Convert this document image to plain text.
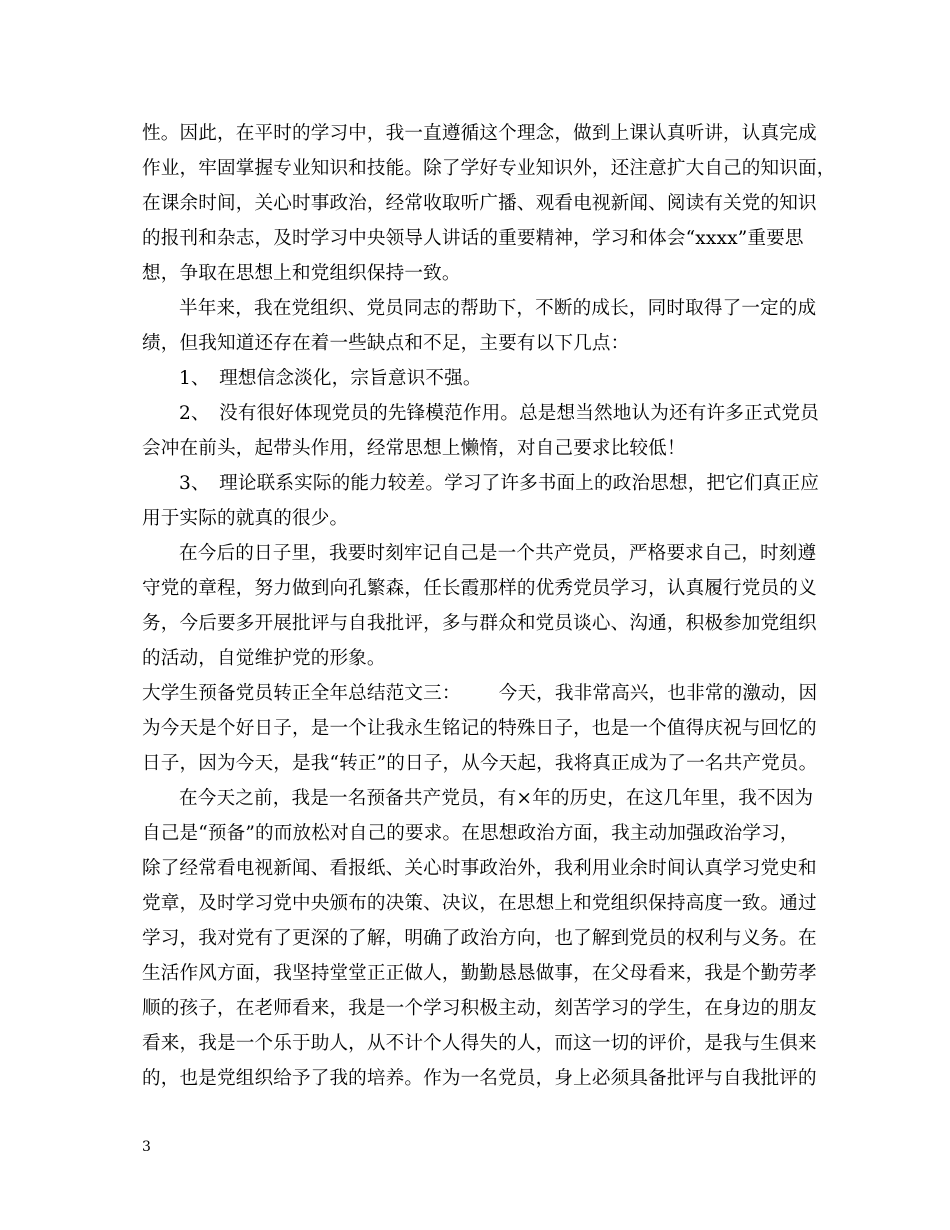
性。因此，在平时的学习中，我一直遵循这个理念，做到上课认真听讲，认真完成
作业，牢固掌握专业知识和技能。除了学好专业知识外，还注意扩大自己的知识面，
在课余时间，关心时事政治，经常收取听广播、观看电视新闻、阅读有关党的知识
的报刊和杂志，及时学习中央领导人讲话的重要精神，学习和体会“xxxx”重要思
想，争取在思想上和党组织保持一致。
半年来，我在党组织、党员同志的帮助下，不断的成长，同时取得了一定的成
绩，但我知道还存在着一些缺点和不足，主要有以下几点：
1、　理想信念淡化，宗旨意识不强。
2、　没有很好体现党员的先锋模范作用。总是想当然地认为还有许多正式党员
会冲在前头，起带头作用，经常思想上懒惰，对自己要求比较低！
3、　理论联系实际的能力较差。学习了许多书面上的政治思想，把它们真正应
用于实际的就真的很少。
在今后的日子里，我要时刻牢记自己是一个共产党员，严格要求自己，时刻遵
守党的章程，努力做到向孔繁森，任长霞那样的优秀党员学习，认真履行党员的义
务，今后要多开展批评与自我批评，多与群众和党员谈心、沟通，积极参加党组织
的活动，自觉维护党的形象。
大学生预备党员转正全年总结范文三： 今天，我非常高兴，也非常的激动，因
为今天是个好日子，是一个让我永生铭记的特殊日子，也是一个值得庆祝与回忆的
日子，因为今天，是我“转正”的日子，从今天起，我将真正成为了一名共产党员。
在今天之前，我是一名预备共产党员，有×年的历史，在这几年里，我不因为
自己是“预备”的而放松对自己的要求。在思想政治方面，我主动加强政治学习，
除了经常看电视新闻、看报纸、关心时事政治外，我利用业余时间认真学习党史和
党章，及时学习党中央颁布的决策、决议，在思想上和党组织保持高度一致。通过
学习，我对党有了更深的了解，明确了政治方向，也了解到党员的权利与义务。在
生活作风方面，我坚持堂堂正正做人，勤勤恳恳做事，在父母看来，我是个勤劳孝
顺的孩子，在老师看来，我是一个学习积极主动，刻苦学习的学生，在身边的朋友
看来，我是一个乐于助人，从不计个人得失的人，而这一切的评价，是我与生俱来
的，也是党组织给予了我的培养。作为一名党员，身上必须具备批评与自我批评的
3
